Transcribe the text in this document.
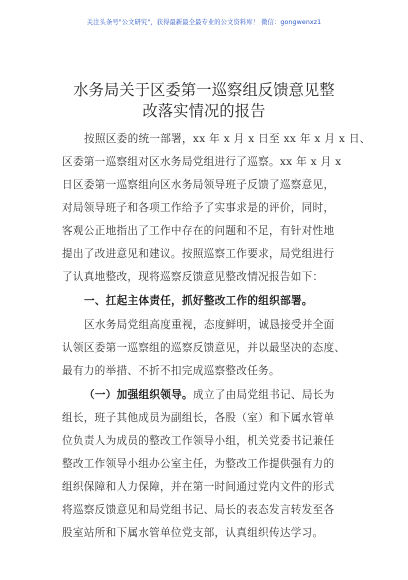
关注头条号"公文研究"，获得最新最全最专业的公文资料库！ 微信：gongwenxz1
水务局关于区委第一巡察组反馈意见整
改落实情况的报告
按照区委的统一部署，xx 年 x 月 x 日至 xx 年 x 月 x 日、
区委第一巡察组对区水务局党组进行了巡察。xx 年 x 月 x
日区委第一巡察组向区水务局领导班子反馈了巡察意见，
对局领导班子和各项工作给予了实事求是的评价，同时，
客观公正地指出了工作中存在的问题和不足，有针对性地
提出了改进意见和建议。按照巡察工作要求，局党组进行
了认真地整改，现将巡察反馈意见整改情况报告如下：
一、扛起主体责任，抓好整改工作的组织部署。
区水务局党组高度重视，态度鲜明，诚恳接受并全面
认领区委第一巡察组的巡察反馈意见，并以最坚决的态度、
最有力的举措、不折不扣完成巡察整改任务。
（一）加强组织领导。成立了由局党组书记、局长为
组长，班子其他成员为副组长，各股（室）和下属水管单
位负责人为成员的整改工作领导小组，机关党委书记兼任
整改工作领导小组办公室主任，为整改工作提供强有力的
组织保障和人力保障，并在第一时间通过党内文件的形式
将巡察反馈意见和局党组书记、局长的表态发言转发至各
股室站所和下属水管单位党支部，认真组织传达学习。
